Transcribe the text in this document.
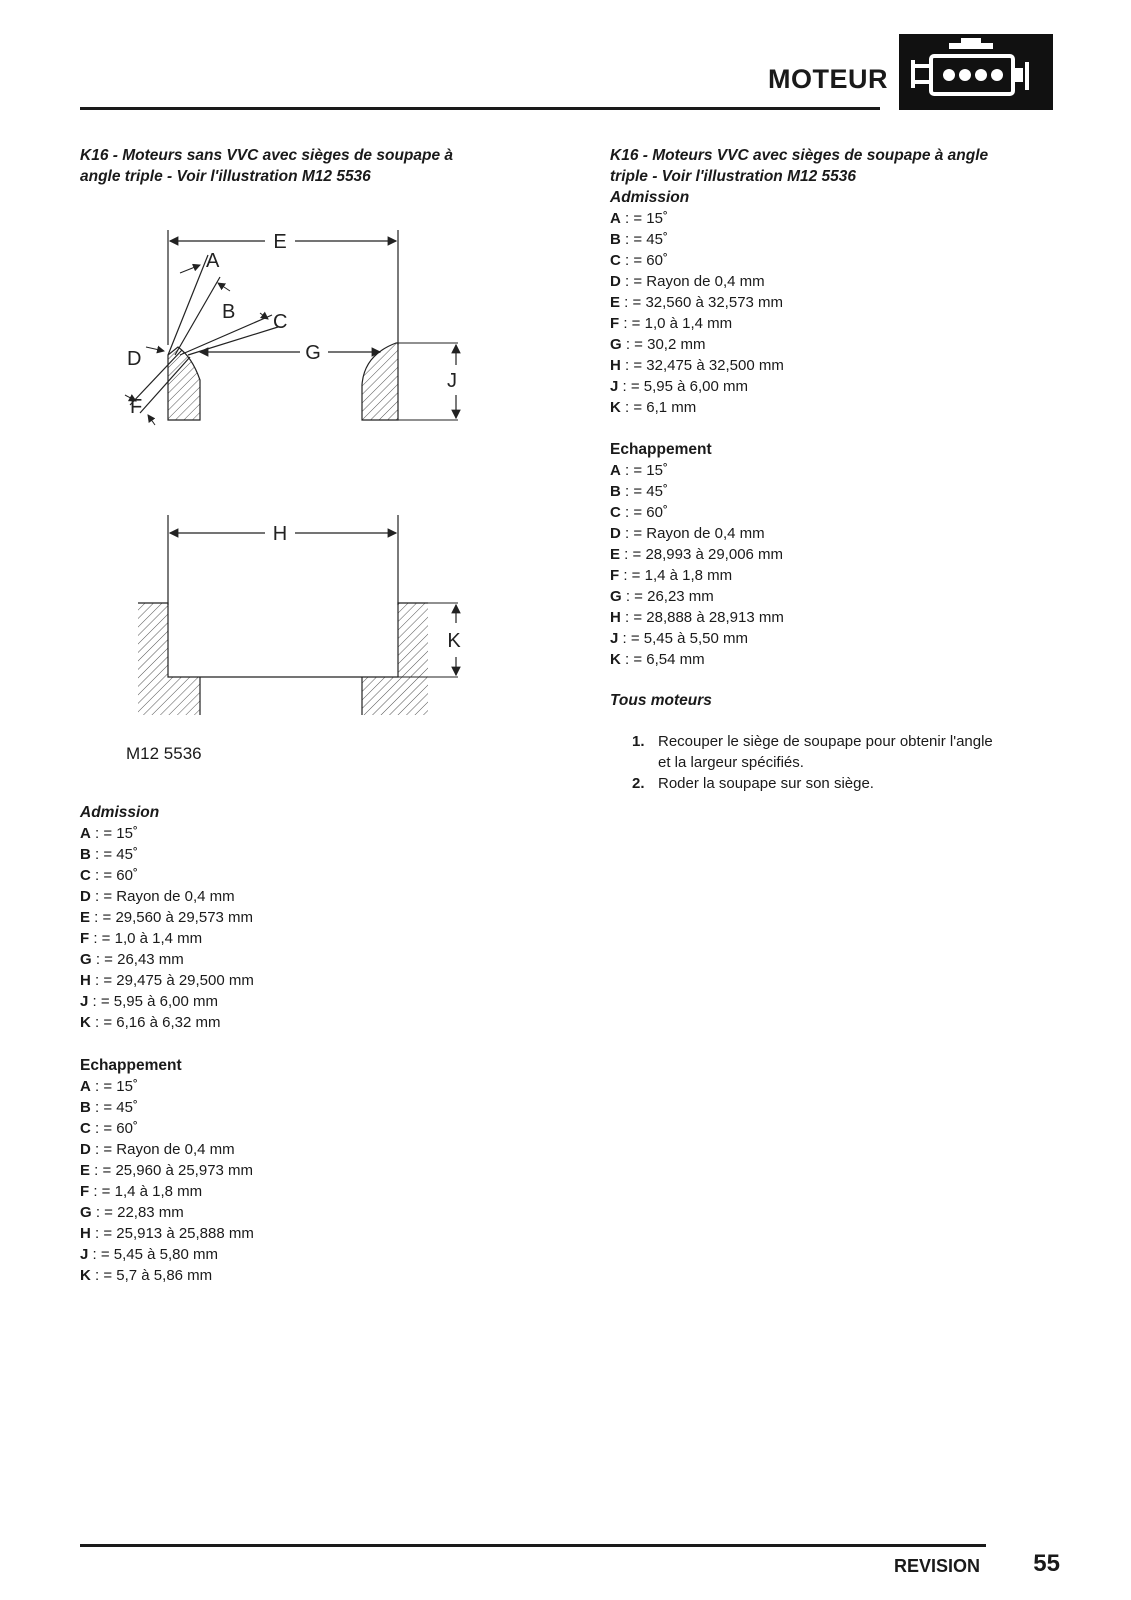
MOTEUR
K16 - Moteurs sans VVC avec sièges de soupape à
angle triple - Voir l'illustration M12 5536
E
A
B C
D
F
G
J
H
K
M12 5536
Admission
A : = 15˚
B : = 45˚
C : = 60˚
D : = Rayon de 0,4 mm
E : = 29,560 à 29,573 mm
F : = 1,0 à 1,4 mm
G : = 26,43 mm
H : = 29,475 à 29,500 mm
J : = 5,95 à 6,00 mm
K : = 6,16 à 6,32 mm
Echappement
A : = 15˚
B : = 45˚
C : = 60˚
D : = Rayon de 0,4 mm
E : = 25,960 à 25,973 mm
F : = 1,4 à 1,8 mm
G : = 22,83 mm
H : = 25,913 à 25,888 mm
J : = 5,45 à 5,80 mm
K : = 5,7 à 5,86 mm
K16 - Moteurs VVC avec sièges de soupape à angle
triple - Voir l'illustration M12 5536
Admission
A : = 15˚
B : = 45˚
C : = 60˚
D : = Rayon de 0,4 mm
E : = 32,560 à 32,573 mm
F : = 1,0 à 1,4 mm
G : = 30,2 mm
H : = 32,475 à 32,500 mm
J : = 5,95 à 6,00 mm
K : = 6,1 mm
Echappement
A : = 15˚
B : = 45˚
C : = 60˚
D : = Rayon de 0,4 mm
E : = 28,993 à 29,006 mm
F : = 1,4 à 1,8 mm
G : = 26,23 mm
H : = 28,888 à 28,913 mm
J : = 5,45 à 5,50 mm
K : = 6,54 mm
Tous moteurs
1. Recouper le siège de soupape pour obtenir l'angle
et la largeur spécifiés.
2. Roder la soupape sur son siège.
REVISION	55
